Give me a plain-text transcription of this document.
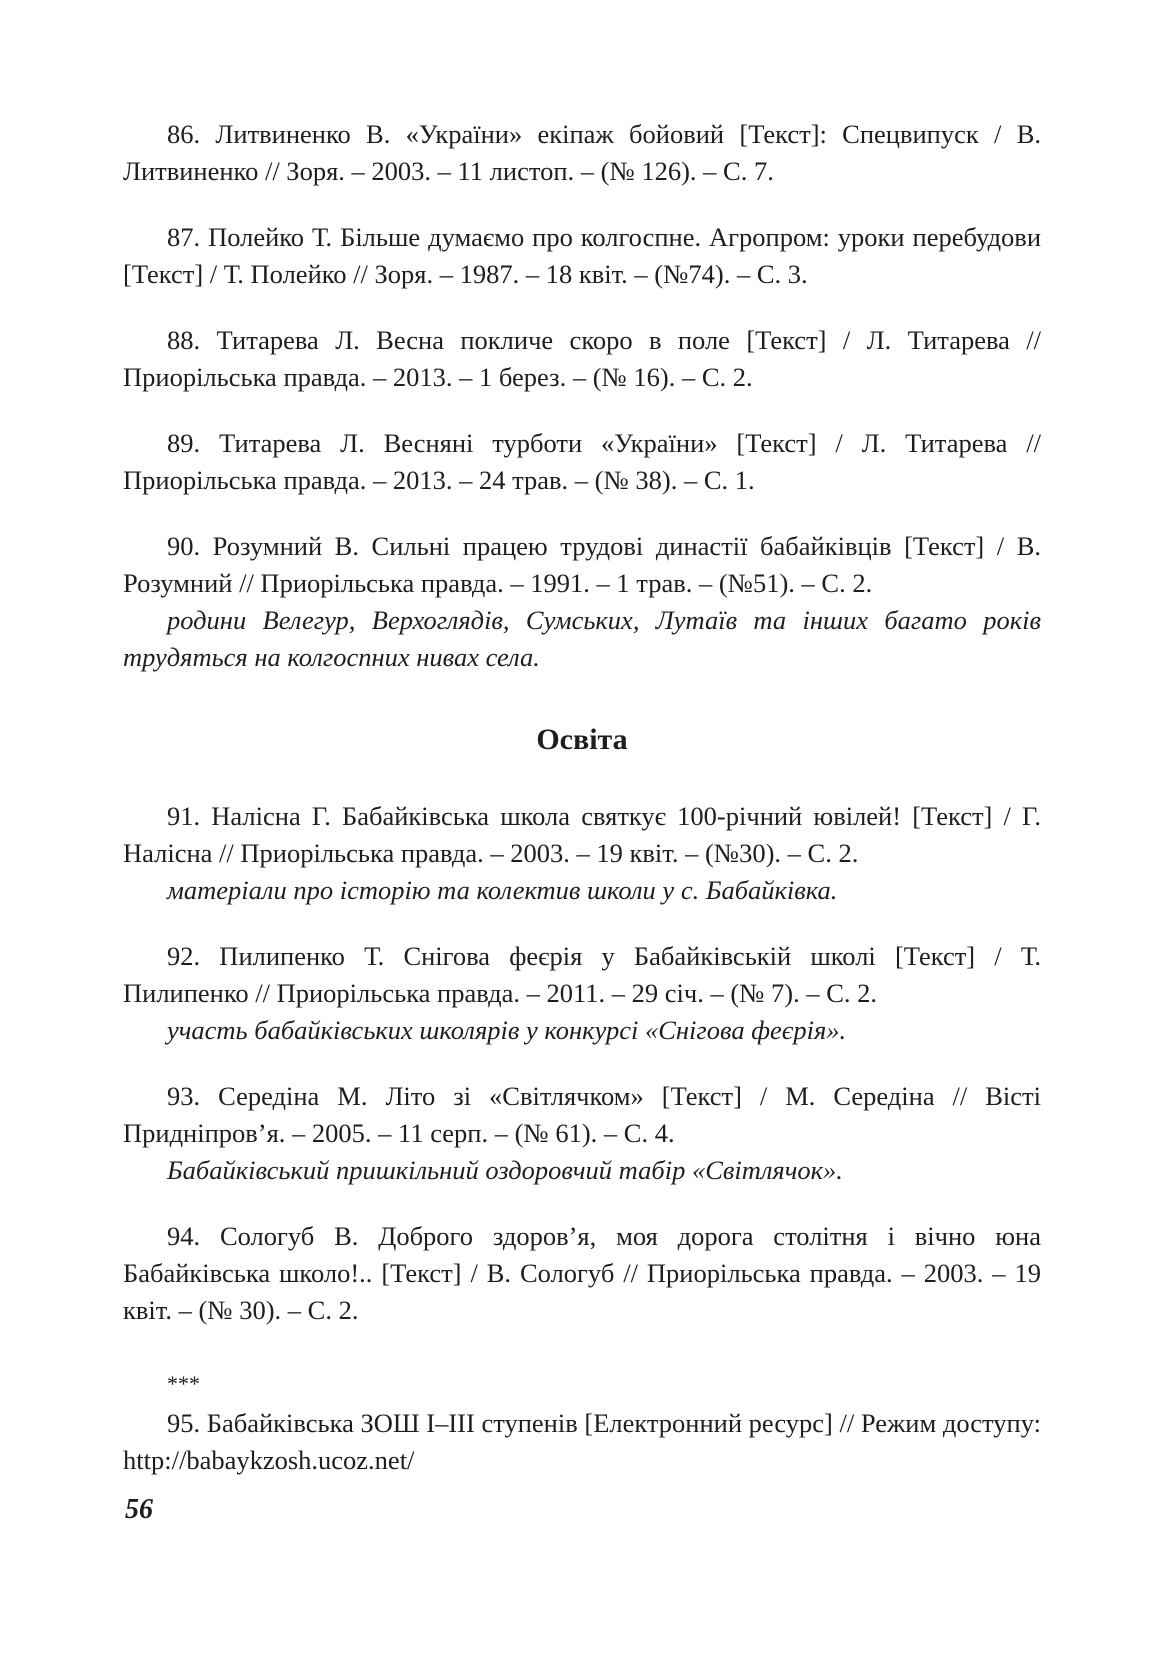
86. Литвиненко В. «України» екіпаж бойовий [Текст]: Спецвипуск / В. Литвиненко // Зоря. – 2003. – 11 листоп. – (№ 126). – С. 7.

87. Полейко Т. Більше думаємо про колгоспне. Агропром: уроки перебудови [Текст] / Т. Полейко // Зоря. – 1987. – 18 квіт. – (№74). – С. 3.

88. Титарева Л. Весна покличе скоро в поле [Текст] / Л. Титарева // Приорільська правда. – 2013. – 1 берез. – (№ 16). – С. 2.

89. Титарева Л. Весняні турботи «України» [Текст] / Л. Титарева // Приорільська правда. – 2013. – 24 трав. – (№ 38). – С. 1.

90. Розумний В. Сильні працею трудові династії бабайківців [Текст] / В. Розумний // Приорільська правда. – 1991. – 1 трав. – (№51). – С. 2.

родини Велегур, Верхоглядів, Сумських, Лутаїв та інших багато років трудяться на колгоспних нивах села.

Освіта

91. Налісна Г. Бабайківська школа святкує 100-річний ювілей! [Текст] / Г. Налісна // Приорільська правда. – 2003. – 19 квіт. – (№30). – С. 2.

матеріали про історію та колектив школи у с. Бабайківка.

92. Пилипенко Т. Снігова феєрія у Бабайківській школі [Текст] / Т. Пилипенко // Приорільська правда. – 2011. – 29 січ. – (№ 7). – С. 2.

участь бабайківських школярів у конкурсі «Снігова феєрія».

93. Середіна М. Літо зі «Світлячком» [Текст] / М. Середіна // Вісті Придніпров’я. – 2005. – 11 серп. – (№ 61). – С. 4.

Бабайківський пришкільний оздоровчий табір «Світлячок».

94. Сологуб В. Доброго здоров’я, моя дорога столітня і вічно юна Бабайківська школо!.. [Текст] / В. Сологуб // Приорільська правда. – 2003. – 19 квіт. – (№ 30). – С. 2.

***

95. Бабайківська ЗОШ I–III ступенів [Електронний ресурс] // Режим доступу: http://babaykzosh.ucoz.net/

56
